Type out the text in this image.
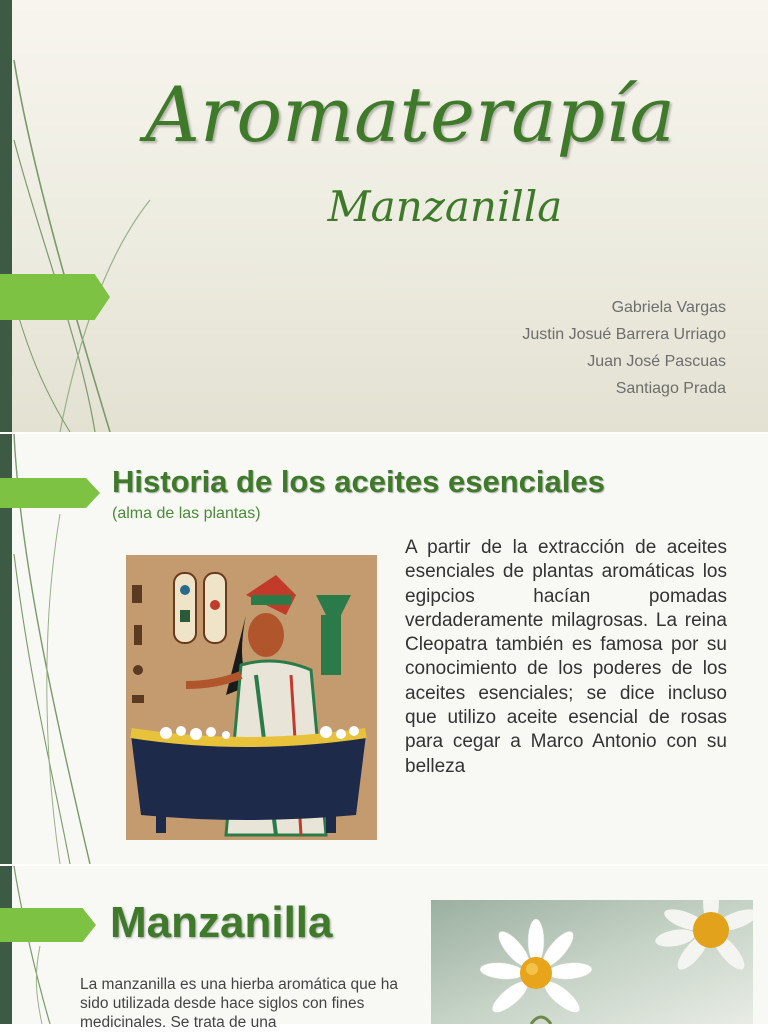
Aromaterapía
Manzanilla
Gabriela Vargas
Justin Josué Barrera Urriago
Juan José Pascuas
Santiago Prada
Historia de los aceites esenciales
(alma de las plantas)
A partir de la extracción de aceites esenciales de plantas aromáticas los egipcios hacían pomadas verdaderamente milagrosas. La reina Cleopatra también es famosa por su conocimiento de los poderes de los aceites esenciales; se dice incluso que utilizo aceite esencial de rosas para cegar a Marco Antonio con su belleza
Manzanilla
La manzanilla es una hierba aromática que ha sido utilizada desde hace siglos con fines medicinales. Se trata de una
